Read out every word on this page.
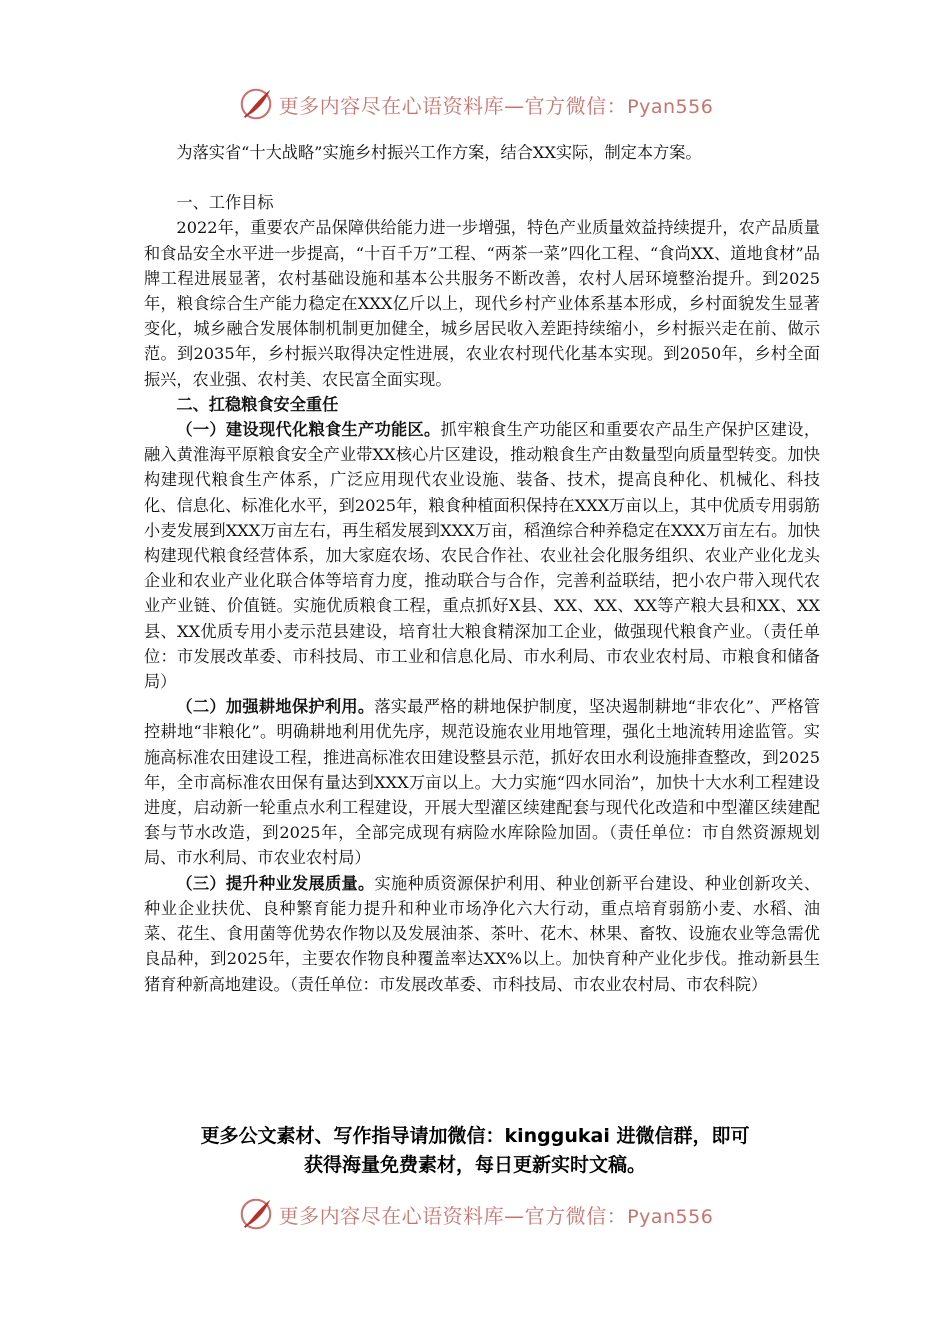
更多内容尽在心语资料库—官方微信：Pyan556

为落实省“十大战略”实施乡村振兴工作方案，结合XX实际，制定本方案。

一、工作目标

2022年，重要农产品保障供给能力进一步增强，特色产业质量效益持续提升，农产品质量和食品安全水平进一步提高，“十百千万”工程、“两茶一菜”四化工程、“食尚XX、道地食材”品牌工程进展显著，农村基础设施和基本公共服务不断改善，农村人居环境整治提升。到2025年，粮食综合生产能力稳定在XXX亿斤以上，现代乡村产业体系基本形成，乡村面貌发生显著变化，城乡融合发展体制机制更加健全，城乡居民收入差距持续缩小，乡村振兴走在前、做示范。到2035年，乡村振兴取得决定性进展，农业农村现代化基本实现。到2050年，乡村全面振兴，农业强、农村美、农民富全面实现。

二、扛稳粮食安全重任

（一）建设现代化粮食生产功能区。抓牢粮食生产功能区和重要农产品生产保护区建设，融入黄淮海平原粮食安全产业带XX核心片区建设，推动粮食生产由数量型向质量型转变。加快构建现代粮食生产体系，广泛应用现代农业设施、装备、技术，提高良种化、机械化、科技化、信息化、标准化水平，到2025年，粮食种植面积保持在XXX万亩以上，其中优质专用弱筋小麦发展到XXX万亩左右，再生稻发展到XXX万亩，稻渔综合种养稳定在XXX万亩左右。加快构建现代粮食经营体系，加大家庭农场、农民合作社、农业社会化服务组织、农业产业化龙头企业和农业产业化联合体等培育力度，推动联合与合作，完善利益联结，把小农户带入现代农业产业链、价值链。实施优质粮食工程，重点抓好X县、XX、XX、XX等产粮大县和XX、XX县、XX优质专用小麦示范县建设，培育壮大粮食精深加工企业，做强现代粮食产业。（责任单位：市发展改革委、市科技局、市工业和信息化局、市水利局、市农业农村局、市粮食和储备局）

（二）加强耕地保护利用。落实最严格的耕地保护制度，坚决遏制耕地“非农化”、严格管控耕地“非粮化”。明确耕地利用优先序，规范设施农业用地管理，强化土地流转用途监管。实施高标准农田建设工程，推进高标准农田建设整县示范，抓好农田水利设施排查整改，到2025年，全市高标准农田保有量达到XXX万亩以上。大力实施“四水同治”，加快十大水利工程建设进度，启动新一轮重点水利工程建设，开展大型灌区续建配套与现代化改造和中型灌区续建配套与节水改造，到2025年，全部完成现有病险水库除险加固。（责任单位：市自然资源规划局、市水利局、市农业农村局）

（三）提升种业发展质量。实施种质资源保护利用、种业创新平台建设、种业创新攻关、种业企业扶优、良种繁育能力提升和种业市场净化六大行动，重点培育弱筋小麦、水稻、油菜、花生、食用菌等优势农作物以及发展油茶、茶叶、花木、林果、畜牧、设施农业等急需优良品种，到2025年，主要农作物良种覆盖率达XX%以上。加快育种产业化步伐。推动新县生猪育种新高地建设。（责任单位：市发展改革委、市科技局、市农业农村局、市农科院）

更多公文素材、写作指导请加微信：kinggukai 进微信群，即可
获得海量免费素材，每日更新实时文稿。
更多内容尽在心语资料库—官方微信：Pyan556
